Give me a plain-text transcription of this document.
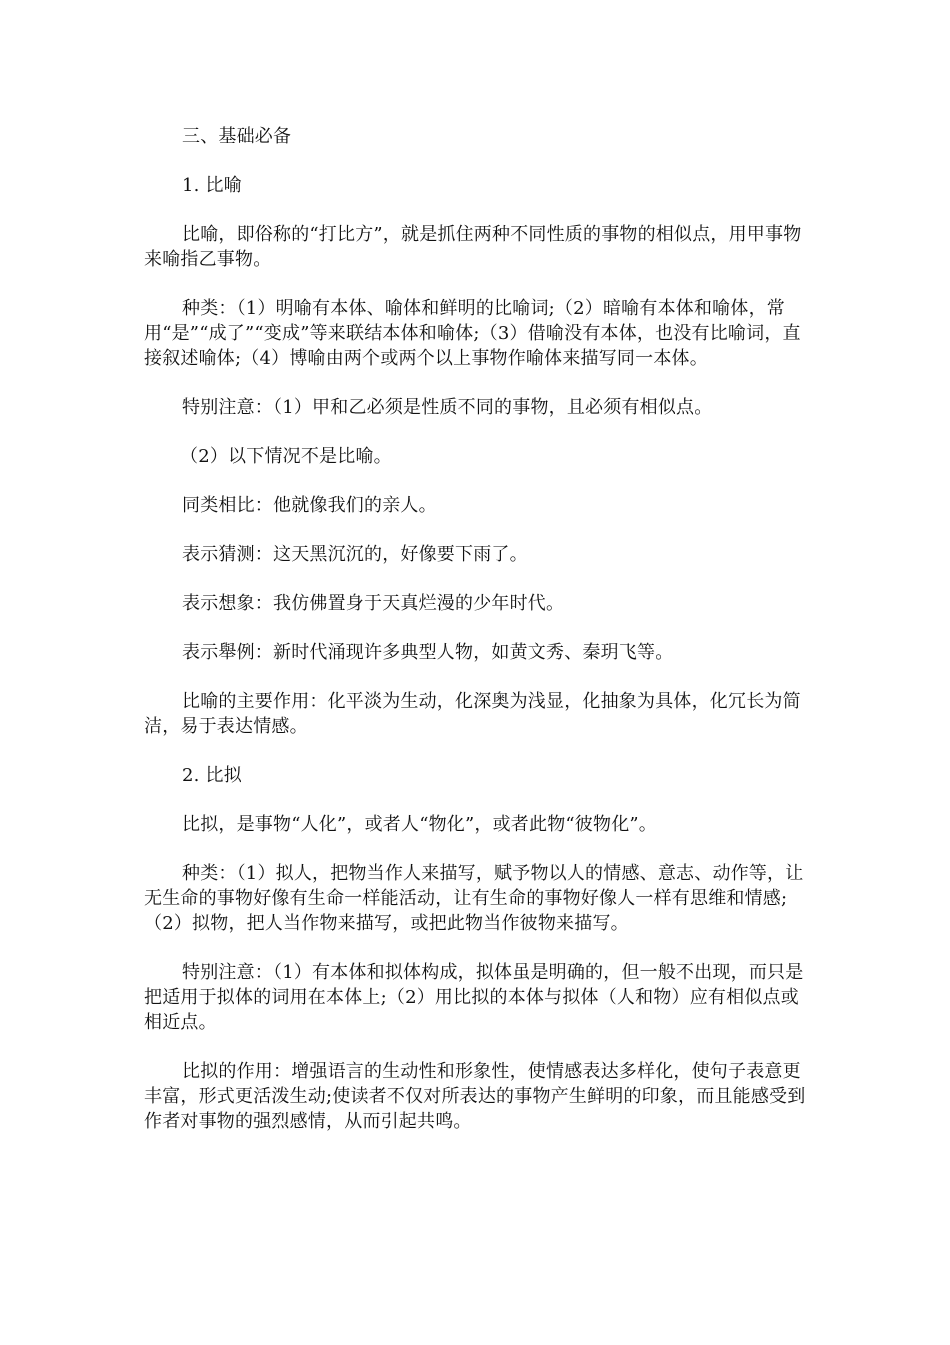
三、基础必备

1. 比喻

比喻，即俗称的“打比方”，就是抓住两种不同性质的事物的相似点，用甲事物来喻指乙事物。

种类：（1）明喻有本体、喻体和鲜明的比喻词;（2）暗喻有本体和喻体，常用“是”“成了”“变成”等来联结本体和喻体;（3）借喻没有本体，也没有比喻词，直接叙述喻体;（4）博喻由两个或两个以上事物作喻体来描写同一本体。

特别注意：（1）甲和乙必须是性质不同的事物，且必须有相似点。

（2）以下情况不是比喻。

同类相比：他就像我们的亲人。

表示猜测：这天黑沉沉的，好像要下雨了。

表示想象：我仿佛置身于天真烂漫的少年时代。

表示舉例：新时代涌现许多典型人物，如黄文秀、秦玥飞等。

比喻的主要作用：化平淡为生动，化深奥为浅显，化抽象为具体，化冗长为简洁，易于表达情感。

2. 比拟

比拟，是事物“人化”，或者人“物化”，或者此物“彼物化”。

种类：（1）拟人，把物当作人来描写，赋予物以人的情感、意志、动作等，让无生命的事物好像有生命一样能活动，让有生命的事物好像人一样有思维和情感;（2）拟物，把人当作物来描写，或把此物当作彼物来描写。

特别注意：（1）有本体和拟体构成，拟体虽是明确的，但一般不出现，而只是把适用于拟体的词用在本体上;（2）用比拟的本体与拟体（人和物）应有相似点或相近点。

比拟的作用：增强语言的生动性和形象性，使情感表达多样化，使句子表意更丰富，形式更活泼生动;使读者不仅对所表达的事物产生鲜明的印象，而且能感受到作者对事物的强烈感情，从而引起共鸣。
